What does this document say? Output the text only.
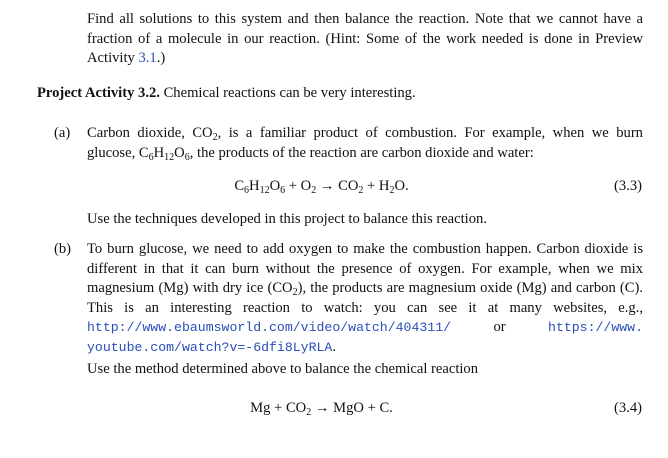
Find all solutions to this system and then balance the reaction. Note that we cannot have a fraction of a molecule in our reaction. (Hint: Some of the work needed is done in Preview Activity 3.1.)
Project Activity 3.2. Chemical reactions can be very interesting.
(a) Carbon dioxide, $CO_2$, is a familiar product of combustion. For example, when we burn glucose, $C_6H_{12}O_6$, the products of the reaction are carbon dioxide and water:
$C_6H_{12}O_6 + O_2 \to CO_2 + H_2O$.	(3.3)
Use the techniques developed in this project to balance this reaction.
(b) To burn glucose, we need to add oxygen to make the combustion happen. Carbon dioxide is different in that it can burn without the presence of oxygen. For example, when we mix magnesium (Mg) with dry ice $(CO_2)$, the products are magnesium oxide (Mg) and carbon (C). This is an interesting reaction to watch: you can see it at many websites, e.g., http://www.ebaumsworld.com/video/watch/404311/ or https://www. youtube.com/watch?v=-6dfi8LyRLA.
Use the method determined above to balance the chemical reaction
$Mg + CO_2$ → MgO + C.	(3.4)
